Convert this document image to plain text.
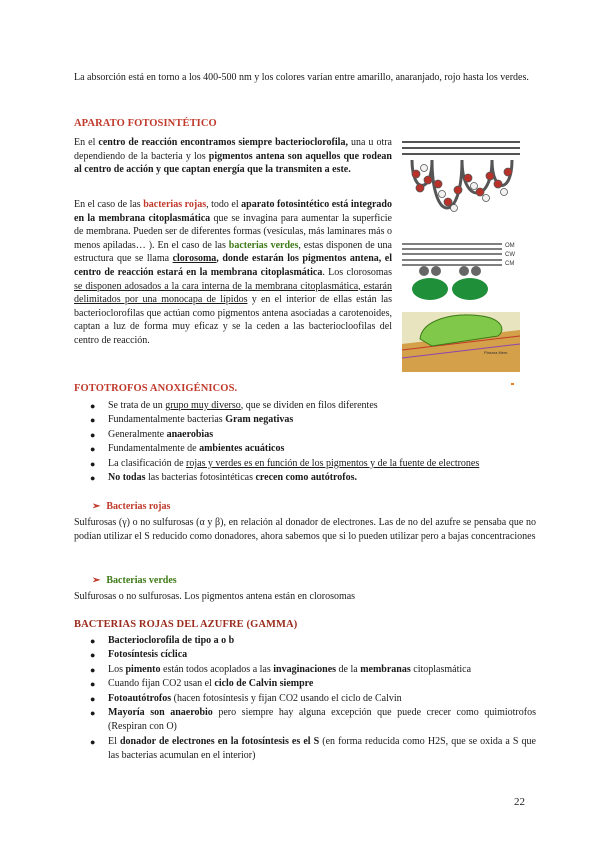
La absorción está en torno a los 400-500 nm y los colores varían entre amarillo, anaranjado, rojo hasta los verdes.
APARATO FOTOSINTÉTICO
En el centro de reacción encontramos siempre bacterioclorofila, una u otra dependiendo de la bacteria y los pigmentos antena son aquellos que rodean al centro de acción y que captan energía que la transmiten a este.
En el caso de las bacterias rojas, todo el aparato fotosintético está integrado en la membrana citoplasmática que se invagina para aumentar la superficie de membrana. Pueden ser de diferentes formas (vesículas, más laminares más o menos apiladas… ). En el caso de las bacterias verdes, estas disponen de una estructura que se llama clorosoma, donde estarán los pigmentos antena, el centro de reacción estará en la membrana citoplasmática. Los clorosomas se disponen adosados a la cara interna de la membrana citoplasmática, estarán delimitados por una monocapa de lípidos y en el interior de ellas están las bacterioclorofilas que actúan como pigmentos antena asociadas a carotenoides, captan a luz de forma muy eficaz y se la ceden a las bacteriocloofilas del centro de reacción.
OM
CW
CM
Plasma Mem.
FOTOTROFOS ANOXIGÉNICOS.
● Se trata de un grupo muy diverso, que se dividen en filos diferentes
● Fundamentalmente bacterias Gram negativas
● Generalmente anaerobias
● Fundamentalmente de ambientes acuáticos
● La clasificación de rojas y verdes es en función de los pigmentos y de la fuente de electrones
● No todas las bacterias fotosintéticas crecen como autótrofos.
➢ Bacterias rojas
Sulfurosas (γ) o no sulfurosas (α y β), en relación al donador de electrones. Las de no del azufre se pensaba que no podían utilizar el S reducido como donadores, ahora sabemos que si lo pueden utilizar pero a bajas concentraciones
➢ Bacterias verdes
Sulfurosas o no sulfurosas. Los pigmentos antena están en clorosomas
BACTERIAS ROJAS DEL AZUFRE (GAMMA)
● Bacterioclorofila de tipo a o b
● Fotosíntesis cíclica
● Los pimento están todos acoplados a las invaginaciones de la membranas citoplasmática
● Cuando fijan CO2 usan el ciclo de Calvin siempre
● Fotoautótrofos (hacen fotosíntesis y fijan CO2 usando el ciclo de Calvin
● Mayoría son anaerobio pero siempre hay alguna excepción que puede crecer como quimiotrofos (Respiran con O)
● El donador de electrones en la fotosíntesis es el S (en forma reducida como H2S, que se oxida a S que las bacterias acumulan en el interior)
22
